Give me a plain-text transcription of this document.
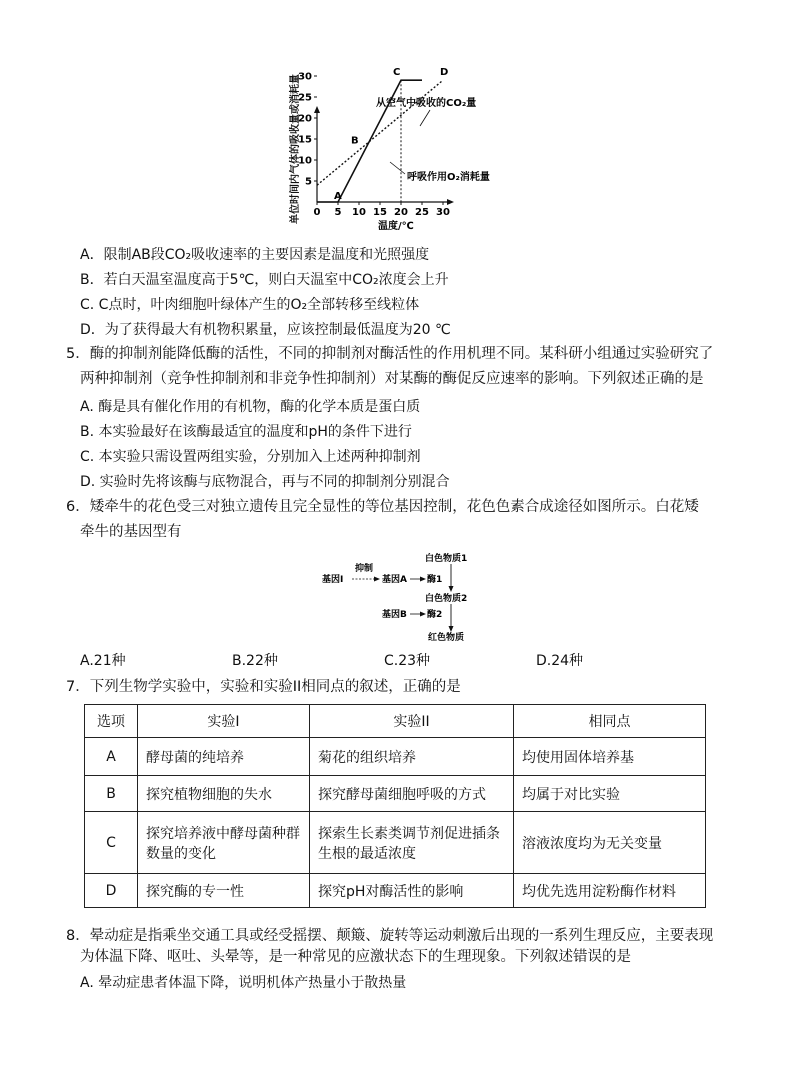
单位时间内气体的吸收量或消耗量 0 5 10 15 20 25 30
5
10
15
20
25
30
A
B
C	D
温度/℃
从空气中吸收的CO₂量
呼吸作用O₂消耗量
A．限制AB段CO₂吸收速率的主要因素是温度和光照强度
B．若白天温室温度高于5℃，则白天温室中CO₂浓度会上升
C. C点时，叶肉细胞叶绿体产生的O₂全部转移至线粒体
D．为了获得最大有机物积累量，应该控制最低温度为20 ℃
5．酶的抑制剂能降低酶的活性，不同的抑制剂对酶活性的作用机理不同。某科研小组通过实验研究了
两种抑制剂（竞争性抑制剂和非竞争性抑制剂）对某酶的酶促反应速率的影响。下列叙述正确的是
A. 酶是具有催化作用的有机物，酶的化学本质是蛋白质
B. 本实验最好在该酶最适宜的温度和pH的条件下进行
C. 本实验只需设置两组实验，分别加入上述两种抑制剂
D. 实验时先将该酶与底物混合，再与不同的抑制剂分别混合
6．矮牵牛的花色受三对独立遗传且完全显性的等位基因控制，花色色素合成途径如图所示。白花矮
牵牛的基因型有
白色物质1
抑制
基因I	基因A 酶1
白色物质2
基因B 酶2
红色物质
A.21种	B.22种	C.23种	D.24种
7．下列生物学实验中，实验和实验II相同点的叙述，正确的是
选项	实验I	实验II	相同点
A	酵母菌的纯培养	菊花的组织培养	均使用固体培养基
B	探究植物细胞的失水	探究酵母菌细胞呼吸的方式	均属于对比实验
C	探究培养液中酵母菌种群数量的变化	探索生长素类调节剂促进插条生根的最适浓度	溶液浓度均为无关变量
D	探究酶的专一性	探究pH对酶活性的影响	均优先选用淀粉酶作材料
8．晕动症是指乘坐交通工具或经受摇摆、颠簸、旋转等运动刺激后出现的一系列生理反应，主要表现
为体温下降、呕吐、头晕等，是一种常见的应激状态下的生理现象。下列叙述错误的是
A. 晕动症患者体温下降，说明机体产热量小于散热量
